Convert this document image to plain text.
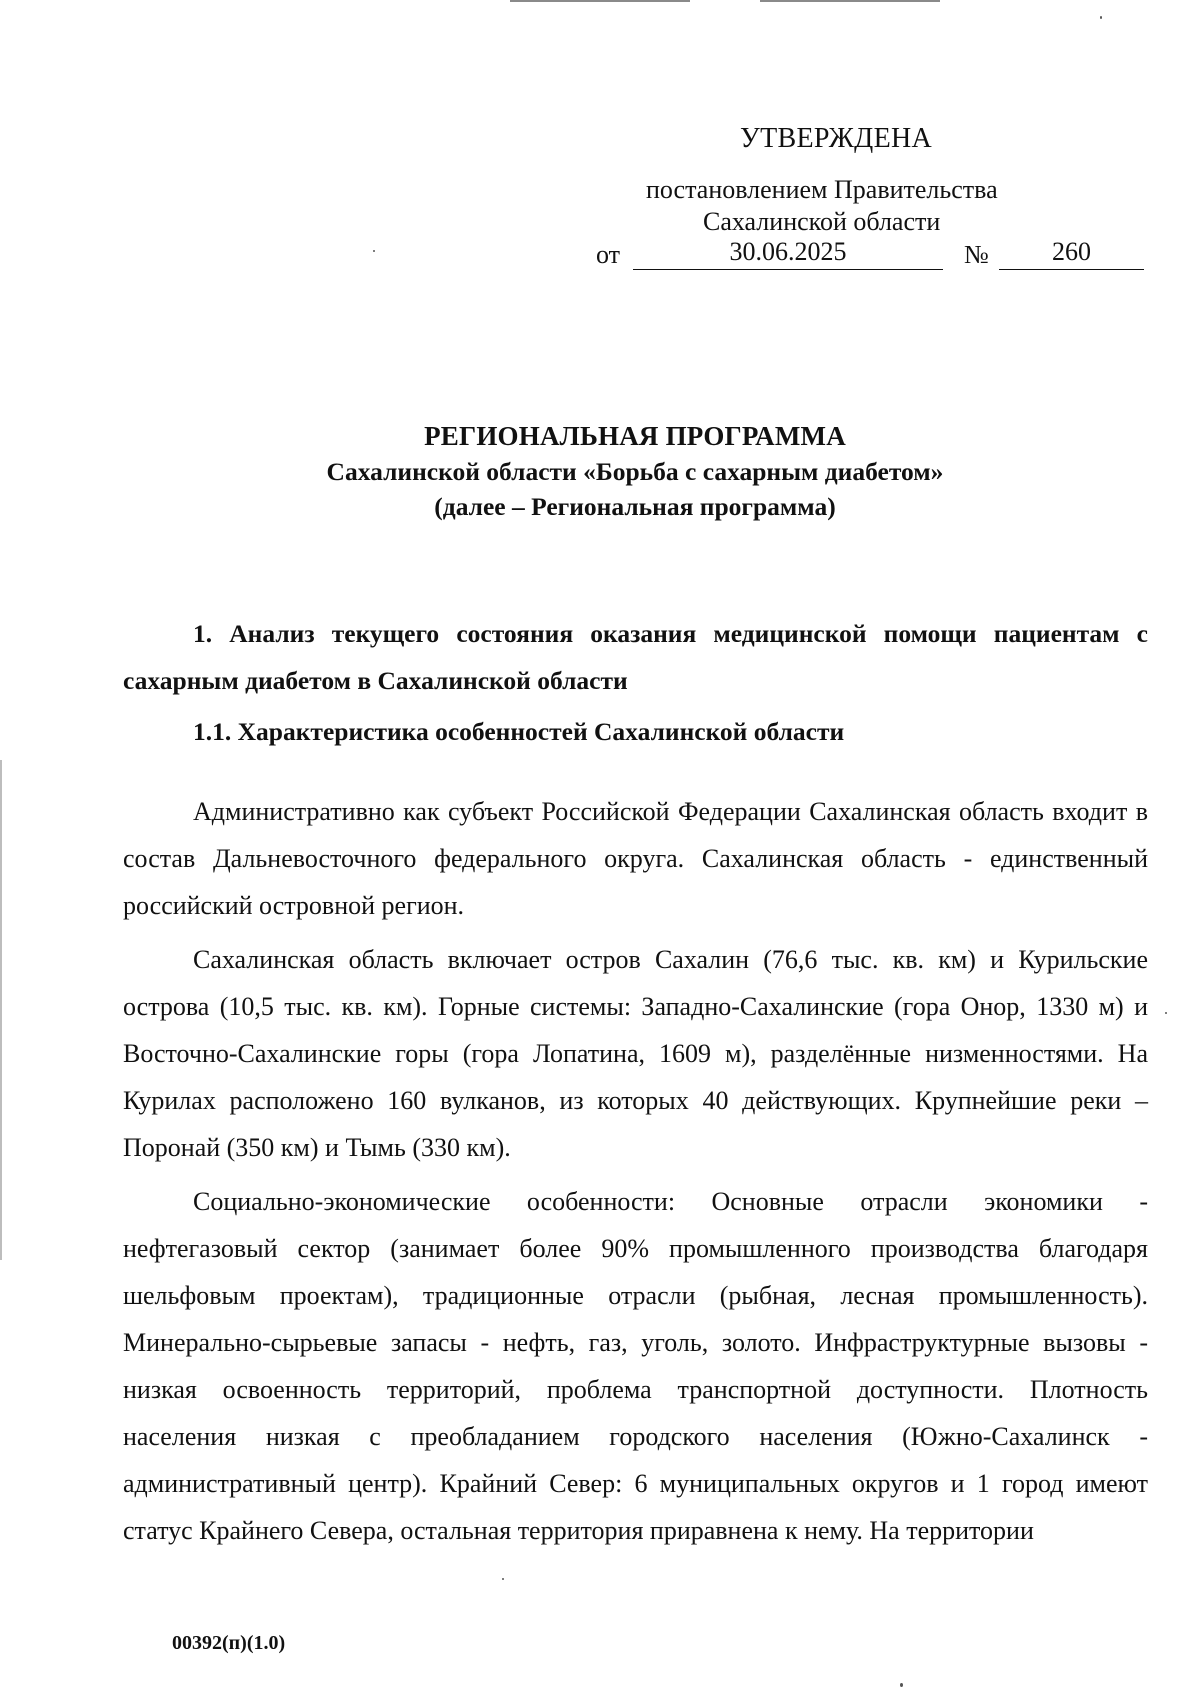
УТВЕРЖДЕНА
постановлением Правительства
Сахалинской области
от	30.06.2025	№	260
РЕГИОНАЛЬНАЯ ПРОГРАММА
Сахалинской области «Борьба с сахарным диабетом»
(далее – Региональная программа)
1. Анализ текущего состояния оказания медицинской помощи пациентам с сахарным диабетом в Сахалинской области
1.1. Характеристика особенностей Сахалинской области

Административно как субъект Российской Федерации Сахалинская область входит в состав Дальневосточного федерального округа. Сахалинская область - единственный российский островной регион.

Сахалинская область включает остров Сахалин (76,6 тыс. кв. км) и Курильские острова (10,5 тыс. кв. км). Горные системы: Западно-Сахалинские (гора Онор, 1330 м) и Восточно-Сахалинские горы (гора Лопатина, 1609 м), разделённые низменностями. На Курилах расположено 160 вулканов, из которых 40 действующих. Крупнейшие реки – Поронай (350 км) и Тымь (330 км).

Социально-экономические особенности: Основные отрасли экономики - нефтегазовый сектор (занимает более 90% промышленного производства благодаря шельфовым проектам), традиционные отрасли (рыбная, лесная промышленность). Минерально-сырьевые запасы - нефть, газ, уголь, золото. Инфраструктурные вызовы - низкая освоенность территорий, проблема транспортной доступности. Плотность населения низкая с преобладанием городского населения (Южно-Сахалинск - административный центр). Крайний Север: 6 муниципальных округов и 1 город имеют статус Крайнего Севера, остальная территория приравнена к нему. На территории

00392(п)(1.0)
